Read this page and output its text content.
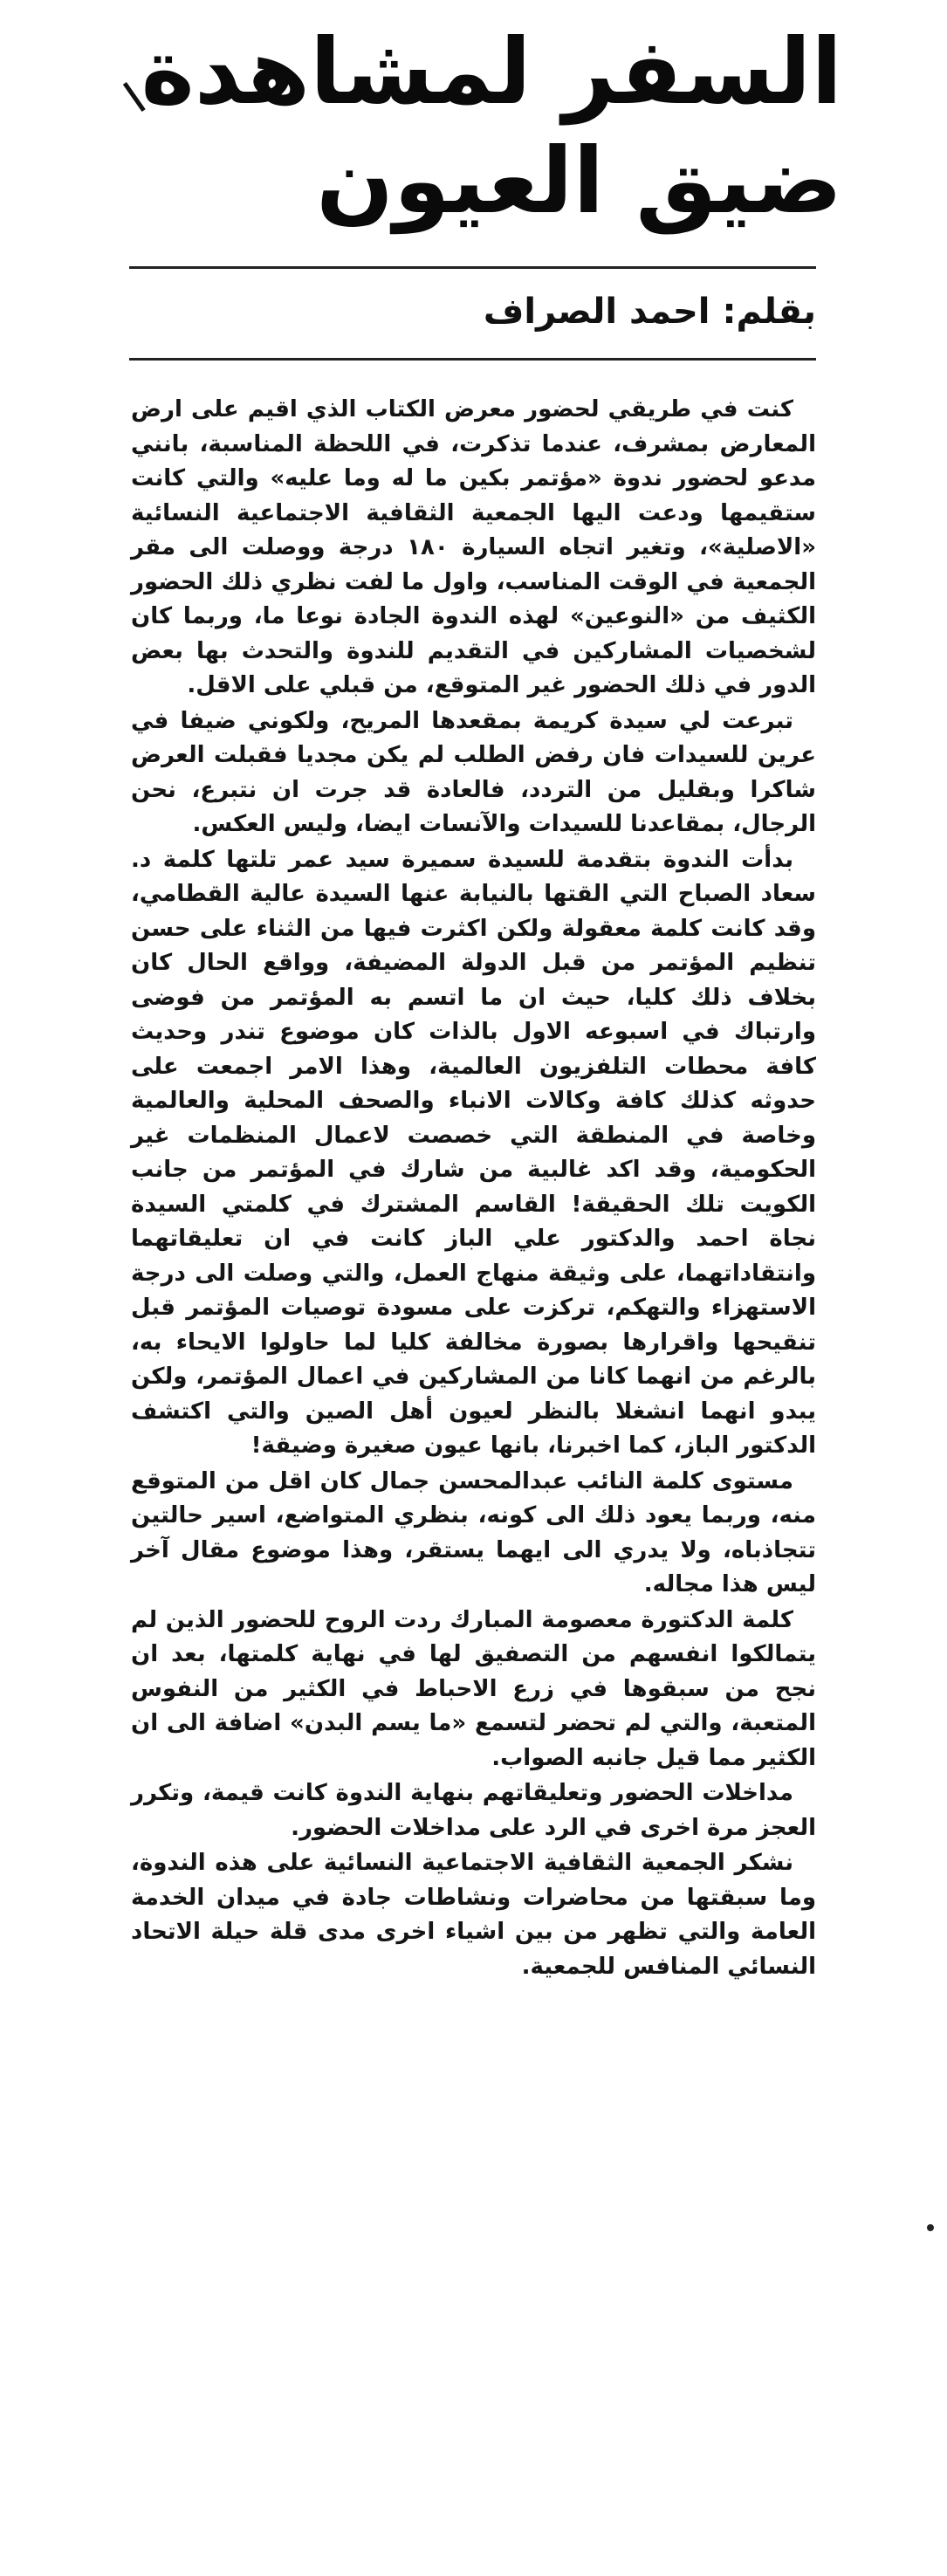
السفر لمشاهدة
ضيق العيون
بقلم:احمد الصراف

كنت في طريقي لحضور معرض الكتاب الذي اقيم على ارض المعارض بمشرف، عندما تذكرت، في اللحظة المناسبة، بانني مدعو لحضور ندوة «مؤتمر بكين ما له وما عليه» والتي كانت ستقيمها ودعت اليها الجمعية الثقافية الاجتماعية النسائية «الاصلية»، وتغير اتجاه السيارة ١٨٠ درجة ووصلت الى مقر الجمعية في الوقت المناسب، واول ما لفت نظري ذلك الحضور الكثيف من «النوعين» لهذه الندوة الجادة نوعا ما، وربما كان لشخصيات المشاركين في التقديم للندوة والتحدث بها بعض الدور في ذلك الحضور غير المتوقع، من قبلي على الاقل.

تبرعت لي سيدة كريمة بمقعدها المريح، ولكوني ضيفا في عرين للسيدات فان رفض الطلب لم يكن مجديا فقبلت العرض شاكرا وبقليل من التردد، فالعادة قد جرت ان نتبرع، نحن الرجال، بمقاعدنا للسيدات والآنسات ايضا، وليس العكس.

بدأت الندوة بتقدمة للسيدة سميرة سيد عمر تلتها كلمة د. سعاد الصباح التي القتها بالنيابة عنها السيدة عالية القطامي، وقد كانت كلمة معقولة ولكن اكثرت فيها من الثناء على حسن تنظيم المؤتمر من قبل الدولة المضيفة، وواقع الحال كان بخلاف ذلك كليا، حيث ان ما اتسم به المؤتمر من فوضى وارتباك في اسبوعه الاول بالذات كان موضوع تندر وحديث كافة محطات التلفزيون العالمية، وهذا الامر اجمعت على حدوثه كذلك كافة وكالات الانباء والصحف المحلية والعالمية وخاصة في المنطقة التي خصصت لاعمال المنظمات غير الحكومية، وقد اكد غالبية من شارك في المؤتمر من جانب الكويت تلك الحقيقة! القاسم المشترك في كلمتي السيدة نجاة احمد والدكتور علي الباز كانت في ان تعليقاتهما وانتقاداتهما، على وثيقة منهاج العمل، والتي وصلت الى درجة الاستهزاء والتهكم، تركزت على مسودة توصيات المؤتمر قبل تنقيحها واقرارها بصورة مخالفة كليا لما حاولوا الايحاء به، بالرغم من انهما كانا من المشاركين في اعمال المؤتمر، ولكن يبدو انهما انشغلا بالنظر لعيون أهل الصين والتي اكتشف الدكتور الباز، كما اخبرنا، بانها عيون صغيرة وضيقة!

مستوى كلمة النائب عبدالمحسن جمال كان اقل من المتوقع منه، وربما يعود ذلك الى كونه، بنظري المتواضع، اسير حالتين تتجاذباه، ولا يدري الى ايهما يستقر، وهذا موضوع مقال آخر ليس هذا مجاله.

كلمة الدكتورة معصومة المبارك ردت الروح للحضور الذين لم يتمالكوا انفسهم من التصفيق لها في نهاية كلمتها، بعد ان نجح من سبقوها في زرع الاحباط في الكثير من النفوس المتعبة، والتي لم تحضر لتسمع «ما يسم البدن» اضافة الى ان الكثير مما قيل جانبه الصواب.

مداخلات الحضور وتعليقاتهم بنهاية الندوة كانت قيمة، وتكرر العجز مرة اخرى في الرد على مداخلات الحضور.

نشكر الجمعية الثقافية الاجتماعية النسائية على هذه الندوة، وما سبقتها من محاضرات ونشاطات جادة في ميدان الخدمة العامة والتي تظهر من بين اشياء اخرى مدى قلة حيلة الاتحاد النسائي المنافس للجمعية.
